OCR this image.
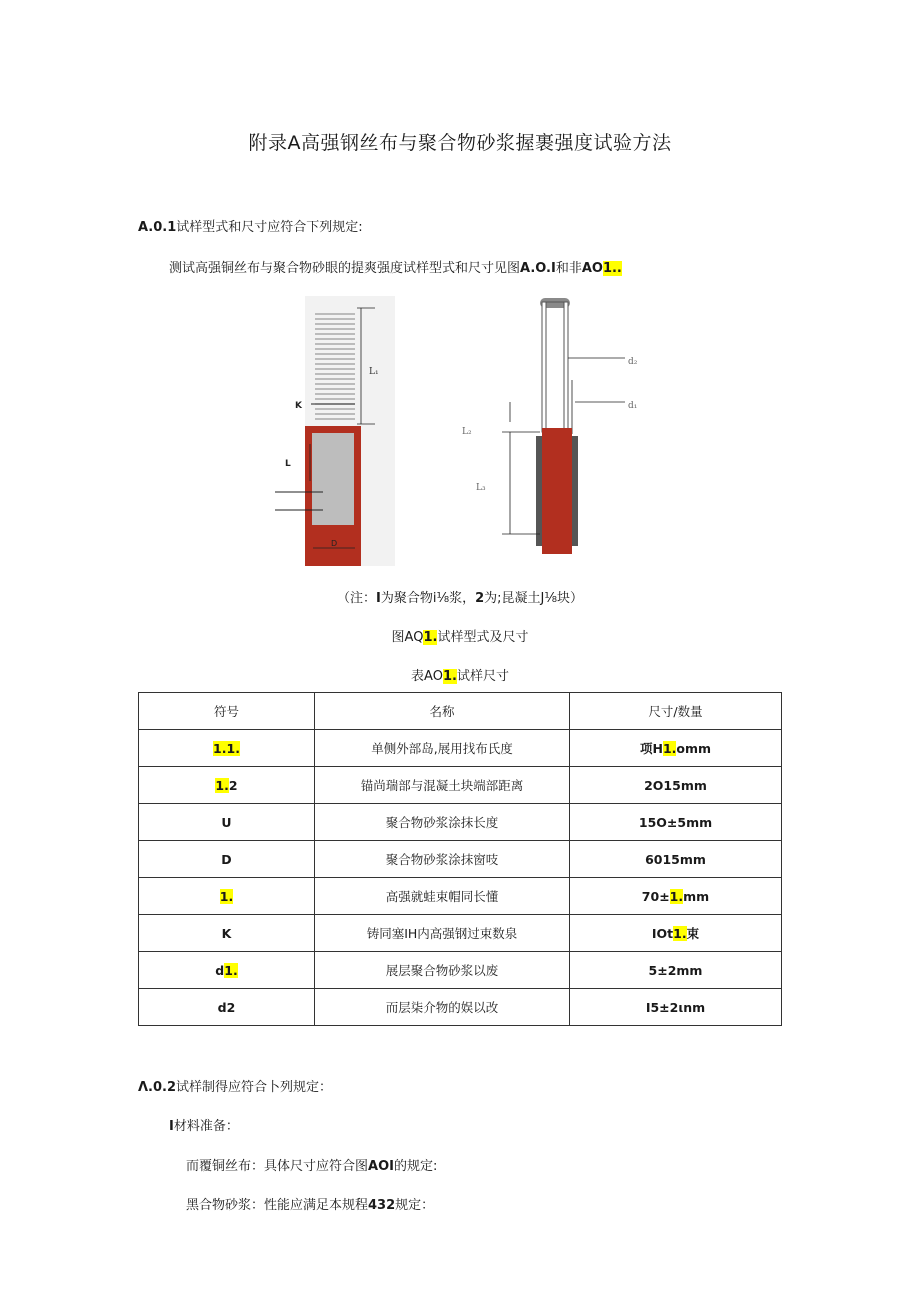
附录A高强钢丝布与聚合物砂浆握裹强度试验方法
A.0.1试样型式和尺寸应符合下列规定:
测试高强铜丝布与聚合物砂眼的提爽强度试样型式和尺寸见图A.O.I和非AO1..
L₁
K
L
D
d₂
d₁
L₂
L₃
（注：I为聚合物i⅛浆，2为;昆凝土J⅛块）
图AQ1.试样型式及尺寸
表AO1.试样尺寸
符号	名称	尺寸/数量
1.1.	单侧外部岛,展用找布氏度	项H1.omm
1.2	锚尚瑞部与混凝土块端部距离	2O15mm
U	聚合物砂浆涂抹长度	15O±5mm
D	聚合物砂浆涂抹窗吱	6015mm
1.	高强就蛙束帽同长懂	70±1.mm
K	铸同塞IH内高强钢过束数泉	IOt1.束
d1.	展层聚合物砂浆以废	5±2mm
d2	而层柒介物的娱以改	I5±2ιnm
Λ.0.2试样制得应符合卜列规定：
I材料准备：
而覆铜丝布：具体尺寸应符合图AOI的规定:
黑合物砂浆：性能应满足本规程432规定：
